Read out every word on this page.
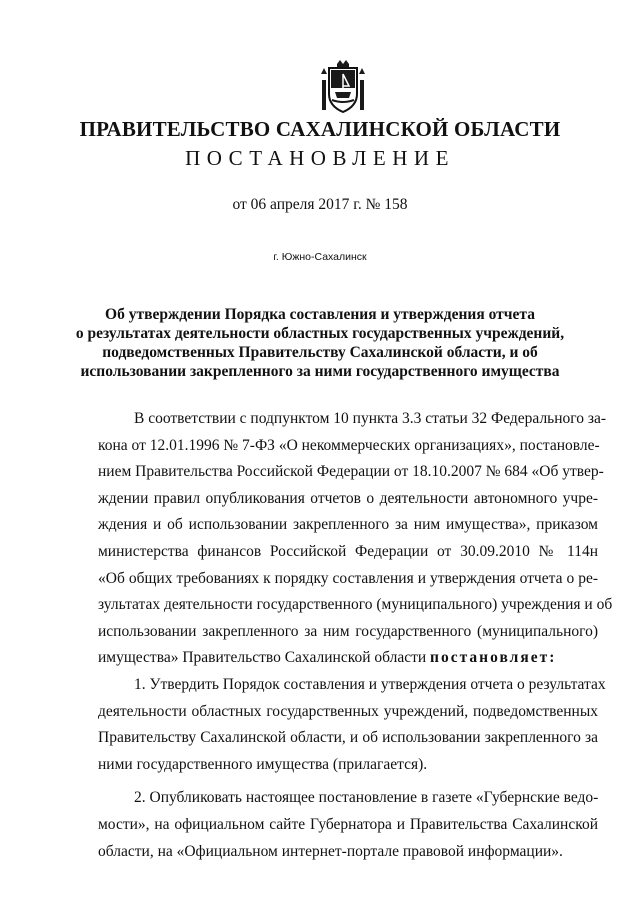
ПРАВИТЕЛЬСТВО САХАЛИНСКОЙ ОБЛАСТИ
ПОСТАНОВЛЕНИЕ
от 06 апреля 2017 г. № 158
г. Южно-Сахалинск
Об утверждении Порядка составления и утверждения отчета
о результатах деятельности областных государственных учреждений,
подведомственных Правительству Сахалинской области, и об
использовании закрепленного за ними государственного имущества
В соответствии с подпунктом 10 пункта 3.3 статьи 32 Федерального за-
кона от 12.01.1996 № 7-ФЗ «О некоммерческих организациях», постановле-
нием Правительства Российской Федерации от 18.10.2007 № 684 «Об утвер-
ждении правил опубликования отчетов о деятельности автономного учре-
ждения и об использовании закрепленного за ним имущества», приказом
министерства финансов Российской Федерации от 30.09.2010 № 114н
«Об общих требованиях к порядку составления и утверждения отчета о ре-
зультатах деятельности государственного (муниципального) учреждения и об
использовании закрепленного за ним государственного (муниципального)
имущества» Правительство Сахалинской области постановляет:
1. Утвердить Порядок составления и утверждения отчета о результатах
деятельности областных государственных учреждений, подведомственных
Правительству Сахалинской области, и об использовании закрепленного за
ними государственного имущества (прилагается).
2. Опубликовать настоящее постановление в газете «Губернские ведо-
мости», на официальном сайте Губернатора и Правительства Сахалинской
области, на «Официальном интернет-портале правовой информации».
